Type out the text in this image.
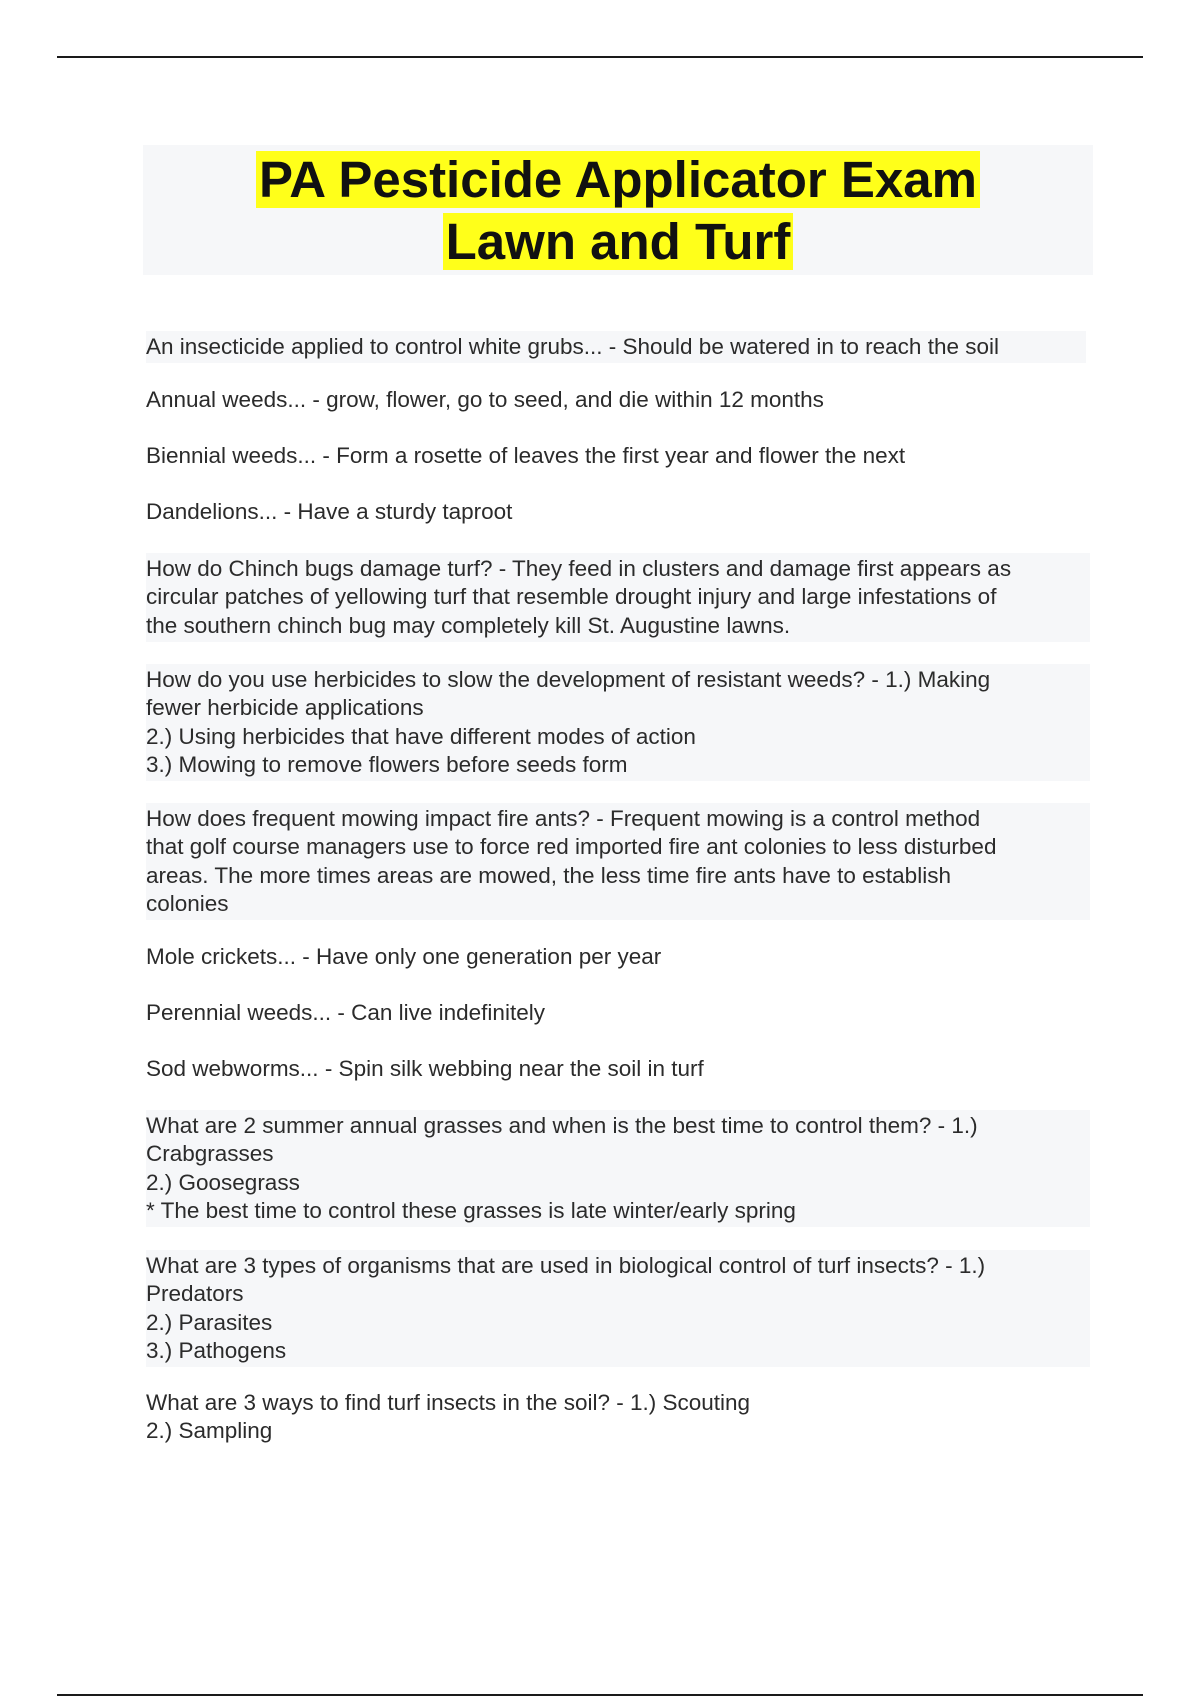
PA Pesticide Applicator Exam
Lawn and Turf

An insecticide applied to control white grubs... - Should be watered in to reach the soil

Annual weeds... - grow, flower, go to seed, and die within 12 months

Biennial weeds... - Form a rosette of leaves the first year and flower the next

Dandelions... - Have a sturdy taproot

How do Chinch bugs damage turf? - They feed in clusters and damage first appears as
circular patches of yellowing turf that resemble drought injury and large infestations of
the southern chinch bug may completely kill St. Augustine lawns.

How do you use herbicides to slow the development of resistant weeds? - 1.) Making
fewer herbicide applications
2.) Using herbicides that have different modes of action
3.) Mowing to remove flowers before seeds form

How does frequent mowing impact fire ants? - Frequent mowing is a control method
that golf course managers use to force red imported fire ant colonies to less disturbed
areas. The more times areas are mowed, the less time fire ants have to establish
colonies

Mole crickets... - Have only one generation per year

Perennial weeds... - Can live indefinitely

Sod webworms... - Spin silk webbing near the soil in turf

What are 2 summer annual grasses and when is the best time to control them? - 1.)
Crabgrasses
2.) Goosegrass
* The best time to control these grasses is late winter/early spring

What are 3 types of organisms that are used in biological control of turf insects? - 1.)
Predators
2.) Parasites
3.) Pathogens

What are 3 ways to find turf insects in the soil? - 1.) Scouting
2.) Sampling
